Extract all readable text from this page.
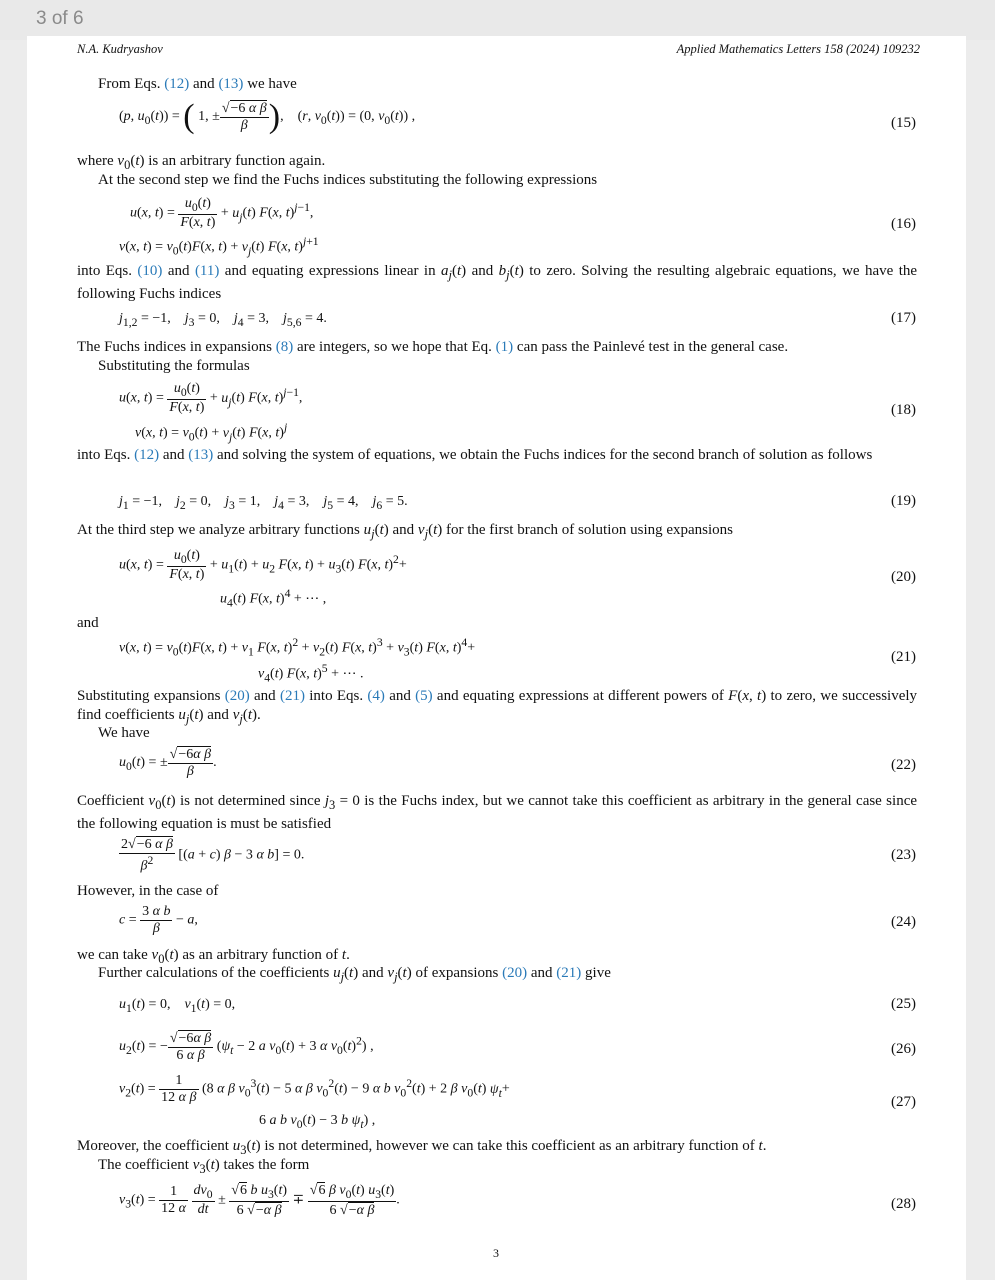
3 of 6
N.A. Kudryashov	Applied Mathematics Letters 158 (2024) 109232
From Eqs. (12) and (13) we have
(p, $u_0(t)$) = ( 1, ± $\frac{\text{√−6 α β}}{\beta}$ ),    (r, $v_0(t)) = (0$, $v_0(t)$) ,	(15)
where $v_0(t)$ is an arbitrary function again.
At the second step we find the Fuchs indices substituting the following expressions
u(x, $t) = \frac{u_0(t)}{F(x, t)} + u_j(t)$ F(x, t)$^{j-1}$,
v(x, $t) = v_0(t)F(x$, $t) + v_j(t)$ F(x, t)$^{j+1}$
(16)
into Eqs. (10) and (11) and equating expressions linear in $a_j(t)$ and $b_j(t)$ to zero. Solving the resulting algebraic equations, we have the following Fuchs indices
$j_{1,2} = -1$,    $j_3 = 0$,    $j_4 = 3$,    $j_{5,6} = 4$.	(17)
The Fuchs indices in expansions (8) are integers, so we hope that Eq. (1) can pass the Painlevé test in the general case.
Substituting the formulas
u(x, $t) = \frac{u_0(t)}{F(x, t)} + u_j(t)$ F(x, t)$^{j-1}$,
v(x, $t) = v_0(t) + v_j(t)$ F(x, t)$^j$
(18)
into Eqs. (12) and (13) and solving the system of equations, we obtain the Fuchs indices for the second branch of solution as follows
$j_1 = -1$,    $j_2 = 0$,    $j_3 = 1$,    $j_4 = 3$,    $j_5 = 4$,    $j_6 = 5$.	(19)
At the third step we analyze arbitrary functions $u_j(t)$ and $v_j(t)$ for the first branch of solution using expansions
u(x, $t) = \frac{u_0(t)}{F(x, t)} + u_1(t) + u_2$ F(x, $t) + u_3(t)$ F(x, t)$^2$+
$u_4(t)$ F(x, t)$^4$ + ⋯ ,
(20)
and
v(x, $t) = v_0(t)F(x$, $t) + v_1$ F(x, $t)^2 + v_2(t)$ F(x, $t)^3 + v_3(t)$ F(x, t)$^4$+
$v_4(t)$ F(x, t)$^5$ + ⋯ .
(21)
Substituting expansions (20) and (21) into Eqs. (4) and (5) and equating expressions at different powers of F(x, t) to zero, we successively find coefficients $u_j(t)$ and $v_j(t)$.
We have
$u_0(t)$ = ± $\frac{\text{√−6α β}}{\beta}$ .	(22)
Coefficient $v_0(t)$ is not determined since $j_3 = 0$ is the Fuchs index, but we cannot take this coefficient as arbitrary in the general case since the following equation is must be satisfied
$\frac{\text{2√−6 α β}}{\beta^2} [(a + c) \beta - 3$ α b] = 0.	(23)
However, in the case of
$c = \frac{\text{3 α b}}{\beta} - a$,	(24)
we can take $v_0(t)$ as an arbitrary function of t.
Further calculations of the coefficients $u_j(t)$ and $v_j(t)$ of expansions (20) and (21) give
$u_1(t) = 0$,    $v_1(t) = 0$,	(25)
$u_2(t)$ = − $\frac{\text{√−6α β}}{\text{6 α β}} (\psi_t - 2$ a $v_0(t) + 3$ α $v_0(t)^2$) ,	(26)
$v_2(t) = \frac{1}{\text{12 α β}} (8$ α β $v_0^3(t) - 5$ α β $v_0^2(t) - 9$ α b $v_0^2(t) + 2$ β $v_0(t)$ $\psi_t+$
6 a b $v_0(t) - 3$ b $\psi_t$) ,
(27)
Moreover, the coefficient $u_3(t)$ is not determined, however we can take this coefficient as an arbitrary function of t.
The coefficient $v_3(t)$ takes the form
$v_3(t) = \frac{1}{12 \alpha}$
$\frac{dv_0}{dt} \pm \frac{√6 b u_3(t)}{\text{6 √−α β}} \mp \frac{√6 \beta v_0(t) u_3(t)}{\text{6 √−α β}}$ .	(28)
3
